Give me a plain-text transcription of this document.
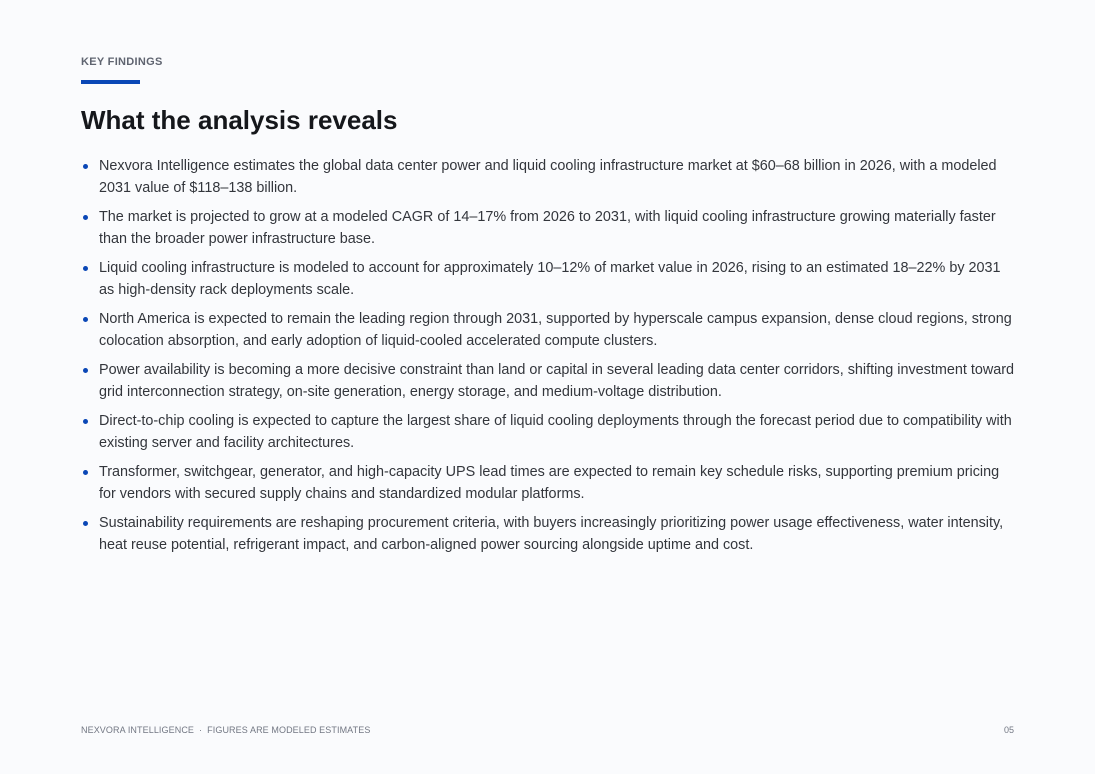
KEY FINDINGS
What the analysis reveals
Nexvora Intelligence estimates the global data center power and liquid cooling infrastructure market at $60–68 billion in 2026, with a modeled 2031 value of $118–138 billion.
The market is projected to grow at a modeled CAGR of 14–17% from 2026 to 2031, with liquid cooling infrastructure growing materially faster than the broader power infrastructure base.
Liquid cooling infrastructure is modeled to account for approximately 10–12% of market value in 2026, rising to an estimated 18–22% by 2031 as high-density rack deployments scale.
North America is expected to remain the leading region through 2031, supported by hyperscale campus expansion, dense cloud regions, strong colocation absorption, and early adoption of liquid-cooled accelerated compute clusters.
Power availability is becoming a more decisive constraint than land or capital in several leading data center corridors, shifting investment toward grid interconnection strategy, on-site generation, energy storage, and medium-voltage distribution.
Direct-to-chip cooling is expected to capture the largest share of liquid cooling deployments through the forecast period due to compatibility with existing server and facility architectures.
Transformer, switchgear, generator, and high-capacity UPS lead times are expected to remain key schedule risks, supporting premium pricing for vendors with secured supply chains and standardized modular platforms.
Sustainability requirements are reshaping procurement criteria, with buyers increasingly prioritizing power usage effectiveness, water intensity, heat reuse potential, refrigerant impact, and carbon-aligned power sourcing alongside uptime and cost.
NEXVORA INTELLIGENCE · FIGURES ARE MODELED ESTIMATES	05
